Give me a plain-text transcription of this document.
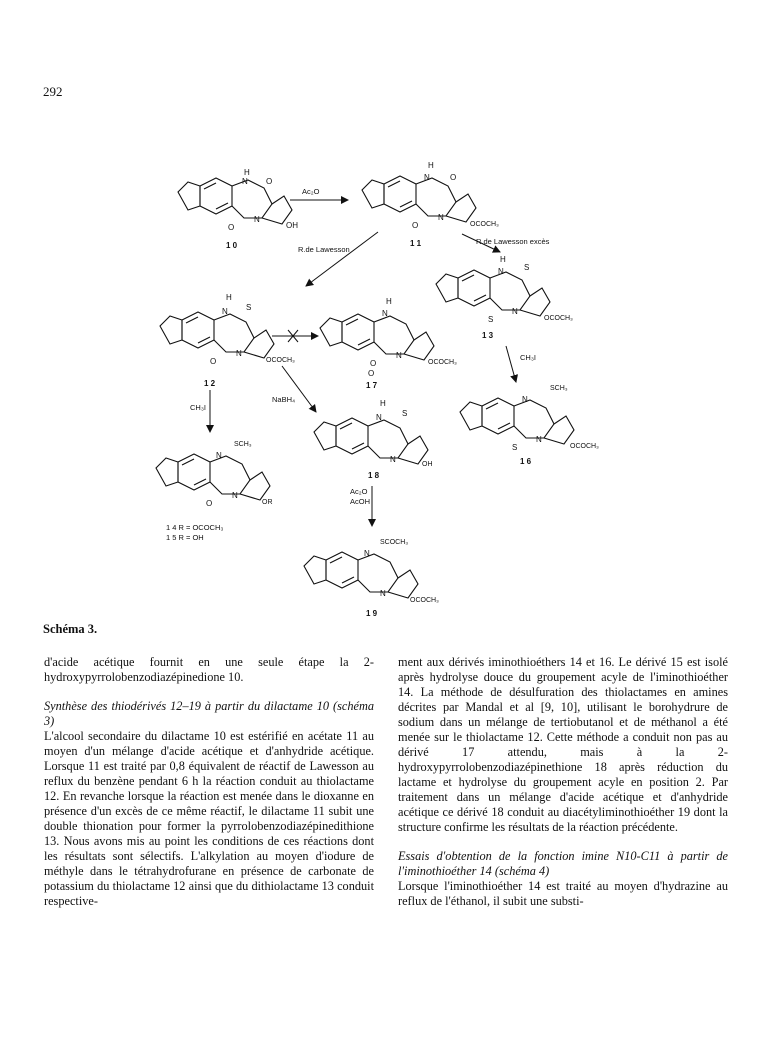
292
H
N O
N
O	OH
1 0
Ac₂O
H
N	O
N
O	OCOCH₃
1 1
R.de Lawesson
R.de Lawesson excès
H
N	S
N
S	OCOCH₃
1 3
H
N S
N
O	OCOCH₃
1 2
H
N
N
O	OCOCH₃
O
1 7
CH₃I
SCH₃
N
N
S	OCOCH₃
1 6
CH₃I
NaBH₄
SCH₃
N
N
O	OR
1 4 R = OCOCH₃
1 5 R = OH
H
N	S
N
OH
1 8
Ac₂O
AcOH
SCOCH₃
N
N
OCOCH₃
1 9
Schéma 3.

d'acide acétique fournit en une seule étape la 2-hydroxypyrrolobenzodiazépinedione 10.

Synthèse des thiodérivés 12–19 à partir du dilactame 10 (schéma 3)

L'alcool secondaire du dilactame 10 est estérifié en acétate 11 au moyen d'un mélange d'acide acétique et d'anhydride acétique. Lorsque 11 est traité par 0,8 équivalent de réactif de Lawesson au reflux du benzène pendant 6 h la réaction conduit au thiolactame 12. En revanche lorsque la réaction est menée dans le dioxanne en présence d'un excès de ce même réactif, le dilactame 11 subit une double thionation pour former la pyrrolobenzodiazépinedithione 13. Nous avons mis au point les conditions de ces réactions dont les résultats sont sélectifs. L'alkylation au moyen d'iodure de méthyle dans le tétrahydrofurane en présence de carbonate de potassium du thiolactame 12 ainsi que du dithiolactame 13 conduit respective-

ment aux dérivés iminothioéthers 14 et 16. Le dérivé 15 est isolé après hydrolyse douce du groupement acyle de l'iminothioéther 14. La méthode de désulfuration des thiolactames en amines décrites par Mandal et al [9, 10], utilisant le borohydrure de sodium dans un mélange de tertiobutanol et de méthanol a été menée sur le thiolactame 12. Cette méthode a conduit non pas au dérivé 17 attendu, mais à la 2-hydroxypyrrolobenzodiazépinethione 18 après réduction du lactame et hydrolyse du groupement acyle en position 2. Par traitement dans un mélange d'acide acétique et d'anhydride acétique ce dérivé 18 conduit au diacétyliminothioéther 19 dont la structure confirme les résultats de la réaction précédente.

Essais d'obtention de la fonction imine N10-C11 à partir de l'iminothioéther 14 (schéma 4)

Lorsque l'iminothioéther 14 est traité au moyen d'hydrazine au reflux de l'éthanol, il subit une substi-
